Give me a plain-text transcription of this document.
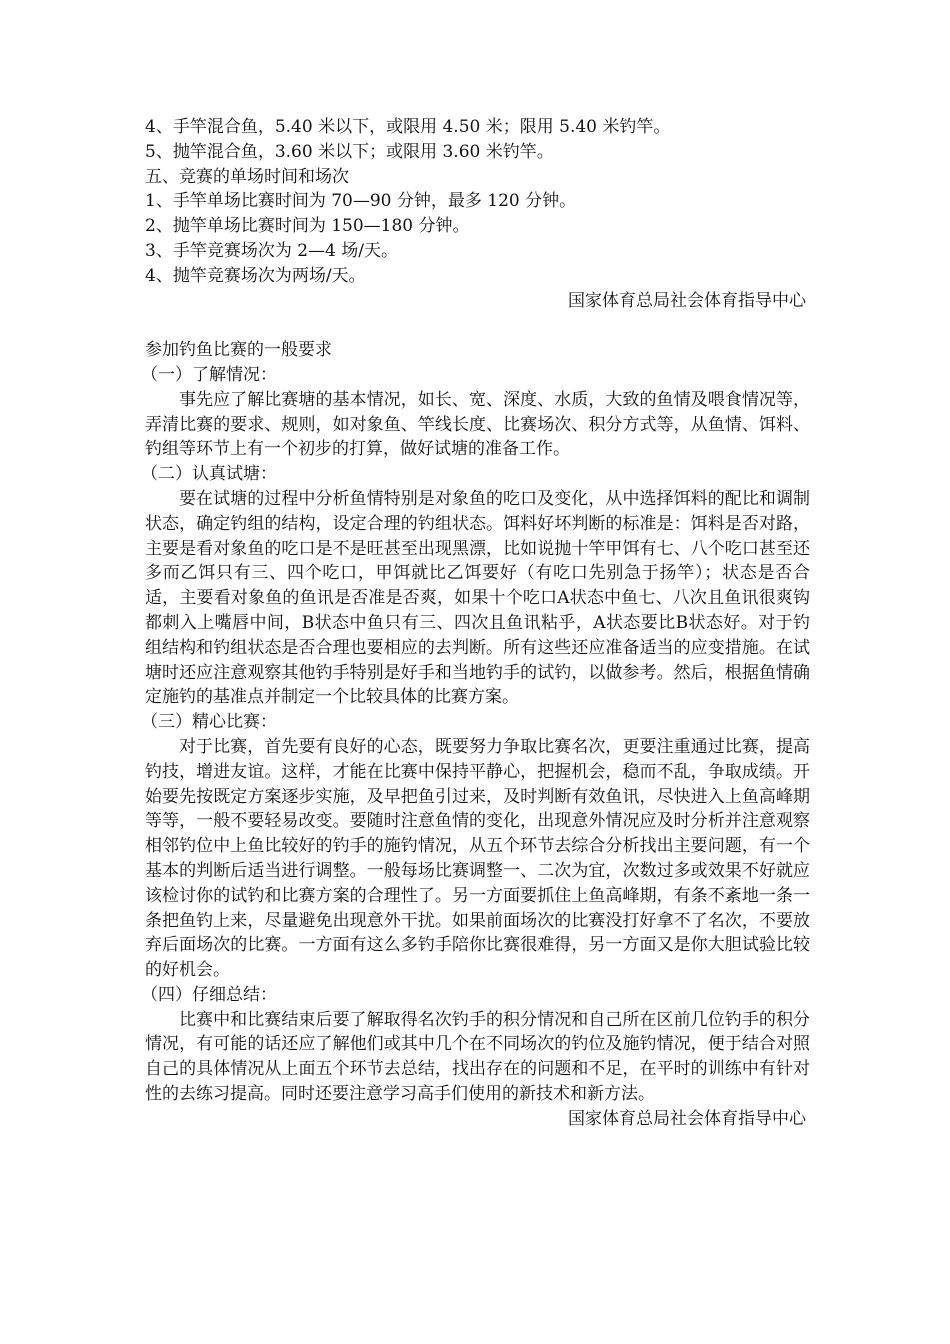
4、手竿混合鱼，5.40 米以下，或限用 4.50 米；限用 5.40 米钓竿。
5、抛竿混合鱼，3.60 米以下；或限用 3.60 米钓竿。
五、竞赛的单场时间和场次
1、手竿单场比赛时间为 70—90 分钟，最多 120 分钟。
2、抛竿单场比赛时间为 150—180 分钟。
3、手竿竞赛场次为 2—4 场/天。
4、抛竿竞赛场次为两场/天。
国家体育总局社会体育指导中心
参加钓鱼比赛的一般要求
（一）了解情况：
事先应了解比赛塘的基本情况，如长、宽、深度、水质，大致的鱼情及喂食情况等，弄清比赛的要求、规则，如对象鱼、竿线长度、比赛场次、积分方式等，从鱼情、饵料、钓组等环节上有一个初步的打算，做好试塘的准备工作。
（二）认真试塘：
要在试塘的过程中分析鱼情特别是对象鱼的吃口及变化，从中选择饵料的配比和调制状态，确定钓组的结构，设定合理的钓组状态。饵料好坏判断的标准是：饵料是否对路，主要是看对象鱼的吃口是不是旺甚至出现黑漂，比如说抛十竿甲饵有七、八个吃口甚至还多而乙饵只有三、四个吃口，甲饵就比乙饵要好（有吃口先别急于扬竿）；状态是否合适，主要看对象鱼的鱼讯是否准是否爽，如果十个吃口A状态中鱼七、八次且鱼讯很爽钩都刺入上嘴唇中间，B状态中鱼只有三、四次且鱼讯粘乎，A状态要比B状态好。对于钓组结构和钓组状态是否合理也要相应的去判断。所有这些还应准备适当的应变措施。在试塘时还应注意观察其他钓手特别是好手和当地钓手的试钓，以做参考。然后，根据鱼情确定施钓的基准点并制定一个比较具体的比赛方案。
（三）精心比赛：
对于比赛，首先要有良好的心态，既要努力争取比赛名次，更要注重通过比赛，提高钓技，增进友谊。这样，才能在比赛中保持平静心，把握机会，稳而不乱，争取成绩。开始要先按既定方案逐步实施，及早把鱼引过来，及时判断有效鱼讯，尽快进入上鱼高峰期等等，一般不要轻易改变。要随时注意鱼情的变化，出现意外情况应及时分析并注意观察相邻钓位中上鱼比较好的钓手的施钓情况，从五个环节去综合分析找出主要问题，有一个基本的判断后适当进行调整。一般每场比赛调整一、二次为宜，次数过多或效果不好就应该检讨你的试钓和比赛方案的合理性了。另一方面要抓住上鱼高峰期，有条不紊地一条一条把鱼钓上来，尽量避免出现意外干扰。如果前面场次的比赛没打好拿不了名次，不要放弃后面场次的比赛。一方面有这么多钓手陪你比赛很难得，另一方面又是你大胆试验比较的好机会。
（四）仔细总结：
比赛中和比赛结束后要了解取得名次钓手的积分情况和自己所在区前几位钓手的积分情况，有可能的话还应了解他们或其中几个在不同场次的钓位及施钓情况，便于结合对照自己的具体情况从上面五个环节去总结，找出存在的问题和不足，在平时的训练中有针对性的去练习提高。同时还要注意学习高手们使用的新技术和新方法。
国家体育总局社会体育指导中心
